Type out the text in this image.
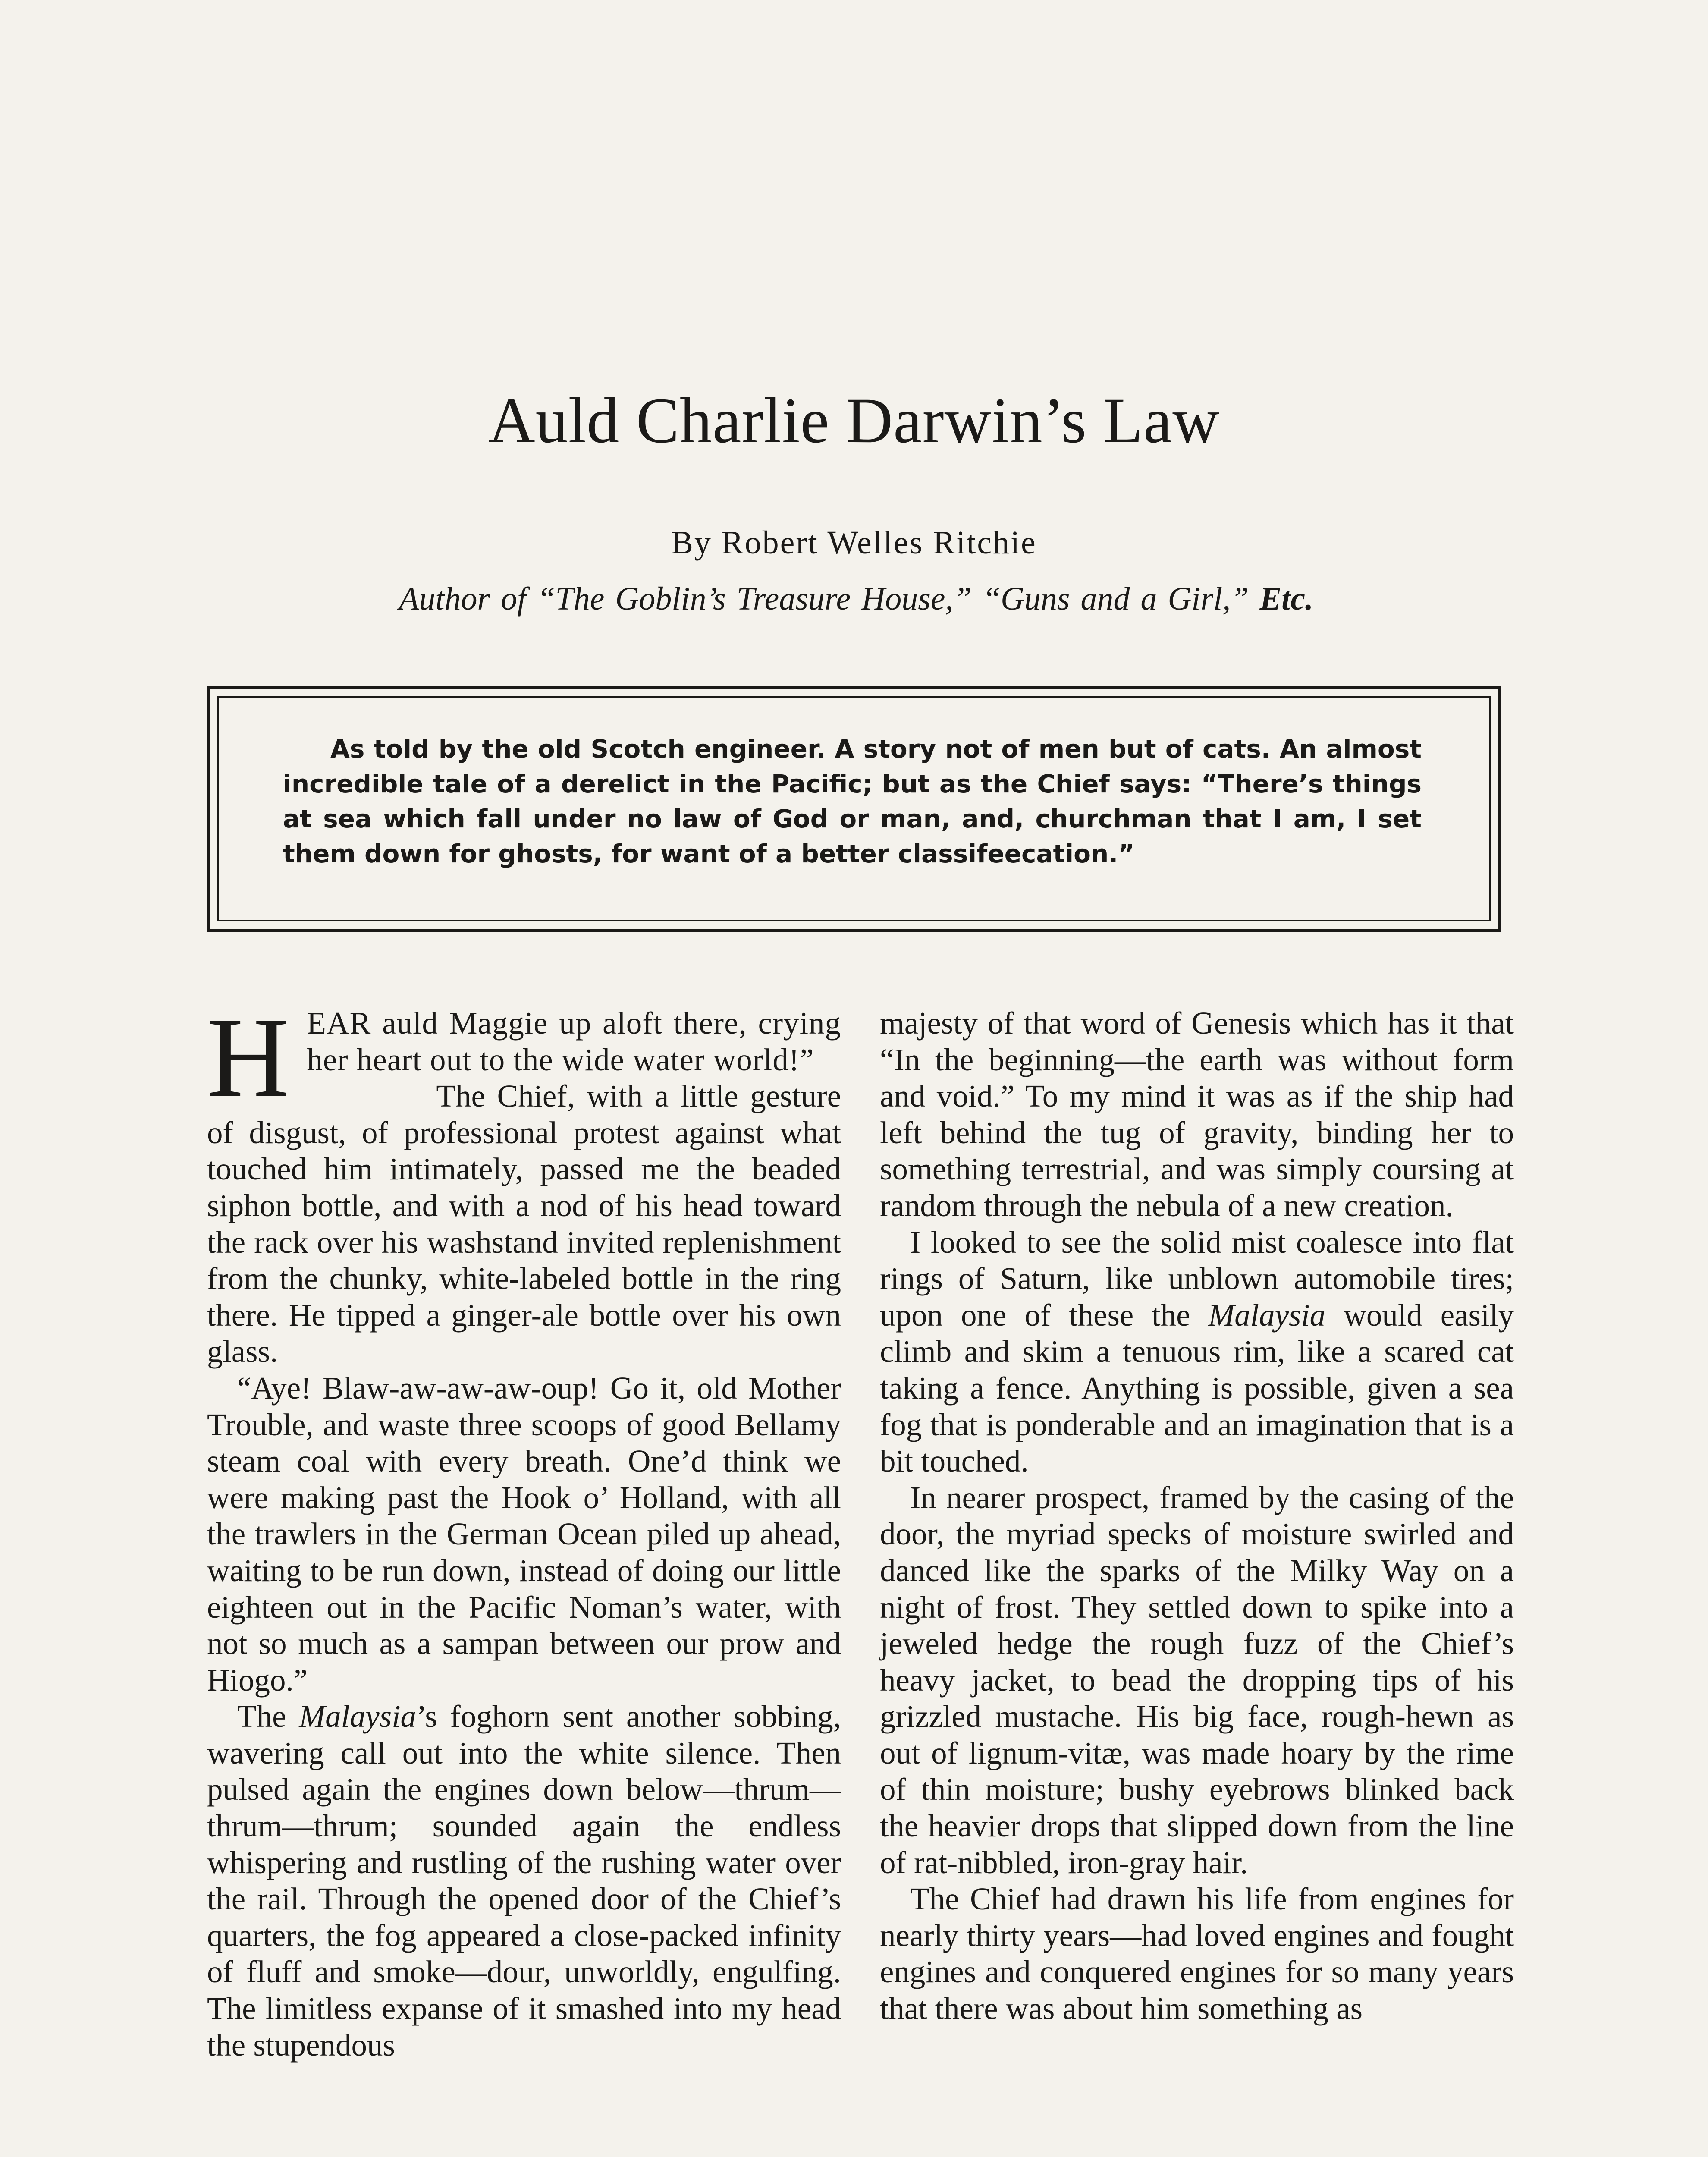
Auld Charlie Darwin’s Law
By Robert Welles Ritchie
Author of “The Goblin’s Treasure House,” “Guns and a Girl,” Etc.
As told by the old Scotch engineer. A story not of men but of cats. An almost incredible tale of a derelict in the Pacific; but as the Chief says: “There’s things at sea which fall under no law of God or man, and, churchman that I am, I set them down for ghosts, for want of a better classifeecation.”

H EAR auld Maggie up aloft there, crying her heart out to the wide water world!”

The Chief, with a little gesture of disgust, of professional protest against what touched him intimately, passed me the beaded siphon bottle, and with a nod of his head toward the rack over his washstand invited replenishment from the chunky, white-labeled bottle in the ring there. He tipped a ginger-ale bottle over his own glass.

“Aye! Blaw-aw-aw-aw-oup! Go it, old Mother Trouble, and waste three scoops of good Bellamy steam coal with every breath. One’d think we were making past the Hook o’ Holland, with all the trawlers in the German Ocean piled up ahead, waiting to be run down, instead of doing our little eighteen out in the Pacific Noman’s water, with not so much as a sampan between our prow and Hiogo.”

The Malaysia’s foghorn sent another sobbing, wavering call out into the white silence. Then pulsed again the engines down below—thrum—thrum—thrum; sounded again the endless whispering and rustling of the rushing water over the rail. Through the opened door of the Chief’s quarters, the fog appeared a close-packed infinity of fluff and smoke—dour, unworldly, engulfing. The limitless expanse of it smashed into my head the stupendous

majesty of that word of Genesis which has it that “In the beginning—the earth was without form and void.” To my mind it was as if the ship had left behind the tug of gravity, binding her to something terrestrial, and was simply coursing at random through the nebula of a new creation.

I looked to see the solid mist coalesce into flat rings of Saturn, like unblown automobile tires; upon one of these the Malaysia would easily climb and skim a tenuous rim, like a scared cat taking a fence. Anything is possible, given a sea fog that is ponderable and an imagination that is a bit touched.

In nearer prospect, framed by the casing of the door, the myriad specks of moisture swirled and danced like the sparks of the Milky Way on a night of frost. They settled down to spike into a jeweled hedge the rough fuzz of the Chief’s heavy jacket, to bead the dropping tips of his grizzled mustache. His big face, rough-hewn as out of lignum-vitæ, was made hoary by the rime of thin moisture; bushy eyebrows blinked back the heavier drops that slipped down from the line of rat-nibbled, iron-gray hair.

The Chief had drawn his life from engines for nearly thirty years—had loved engines and fought engines and conquered engines for so many years that there was about him something as
